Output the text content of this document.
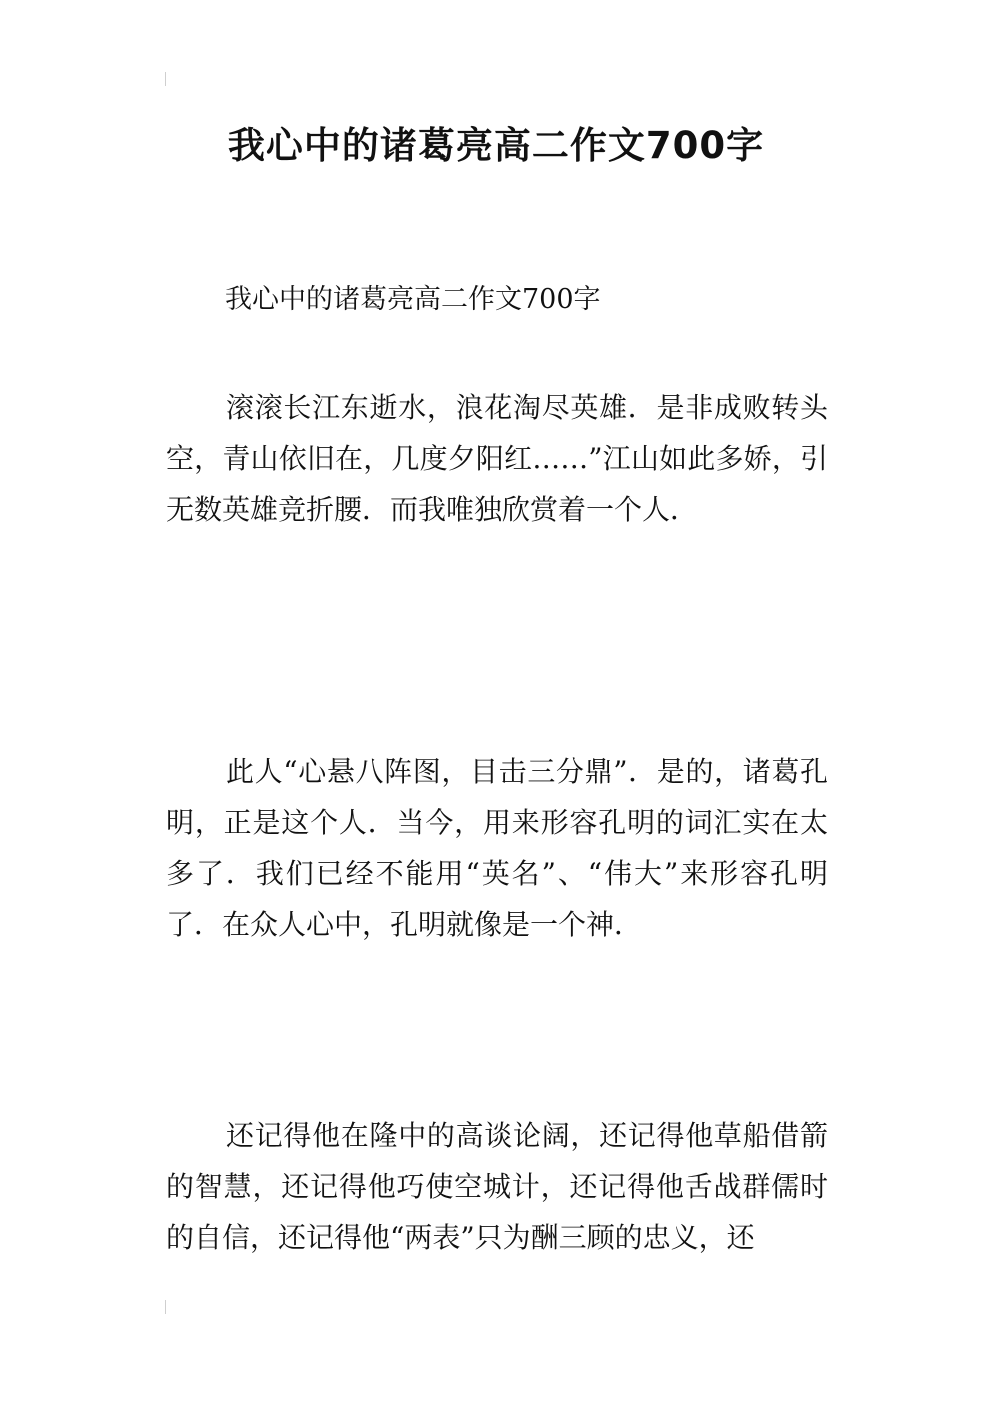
我心中的诸葛亮高二作文700字

我心中的诸葛亮高二作文700字

滚滚长江东逝水，浪花淘尽英雄．是非成败转头空，青山依旧在，几度夕阳红……”江山如此多娇，引无数英雄竞折腰．而我唯独欣赏着一个人．

此人“心悬八阵图，目击三分鼎”．是的，诸葛孔明，正是这个人．当今，用来形容孔明的词汇实在太多了．我们已经不能用“英名”、“伟大”来形容孔明了．在众人心中，孔明就像是一个神．

还记得他在隆中的高谈论阔，还记得他草船借箭的智慧，还记得他巧使空城计，还记得他舌战群儒时的自信，还记得他“两表”只为酬三顾的忠义，还
